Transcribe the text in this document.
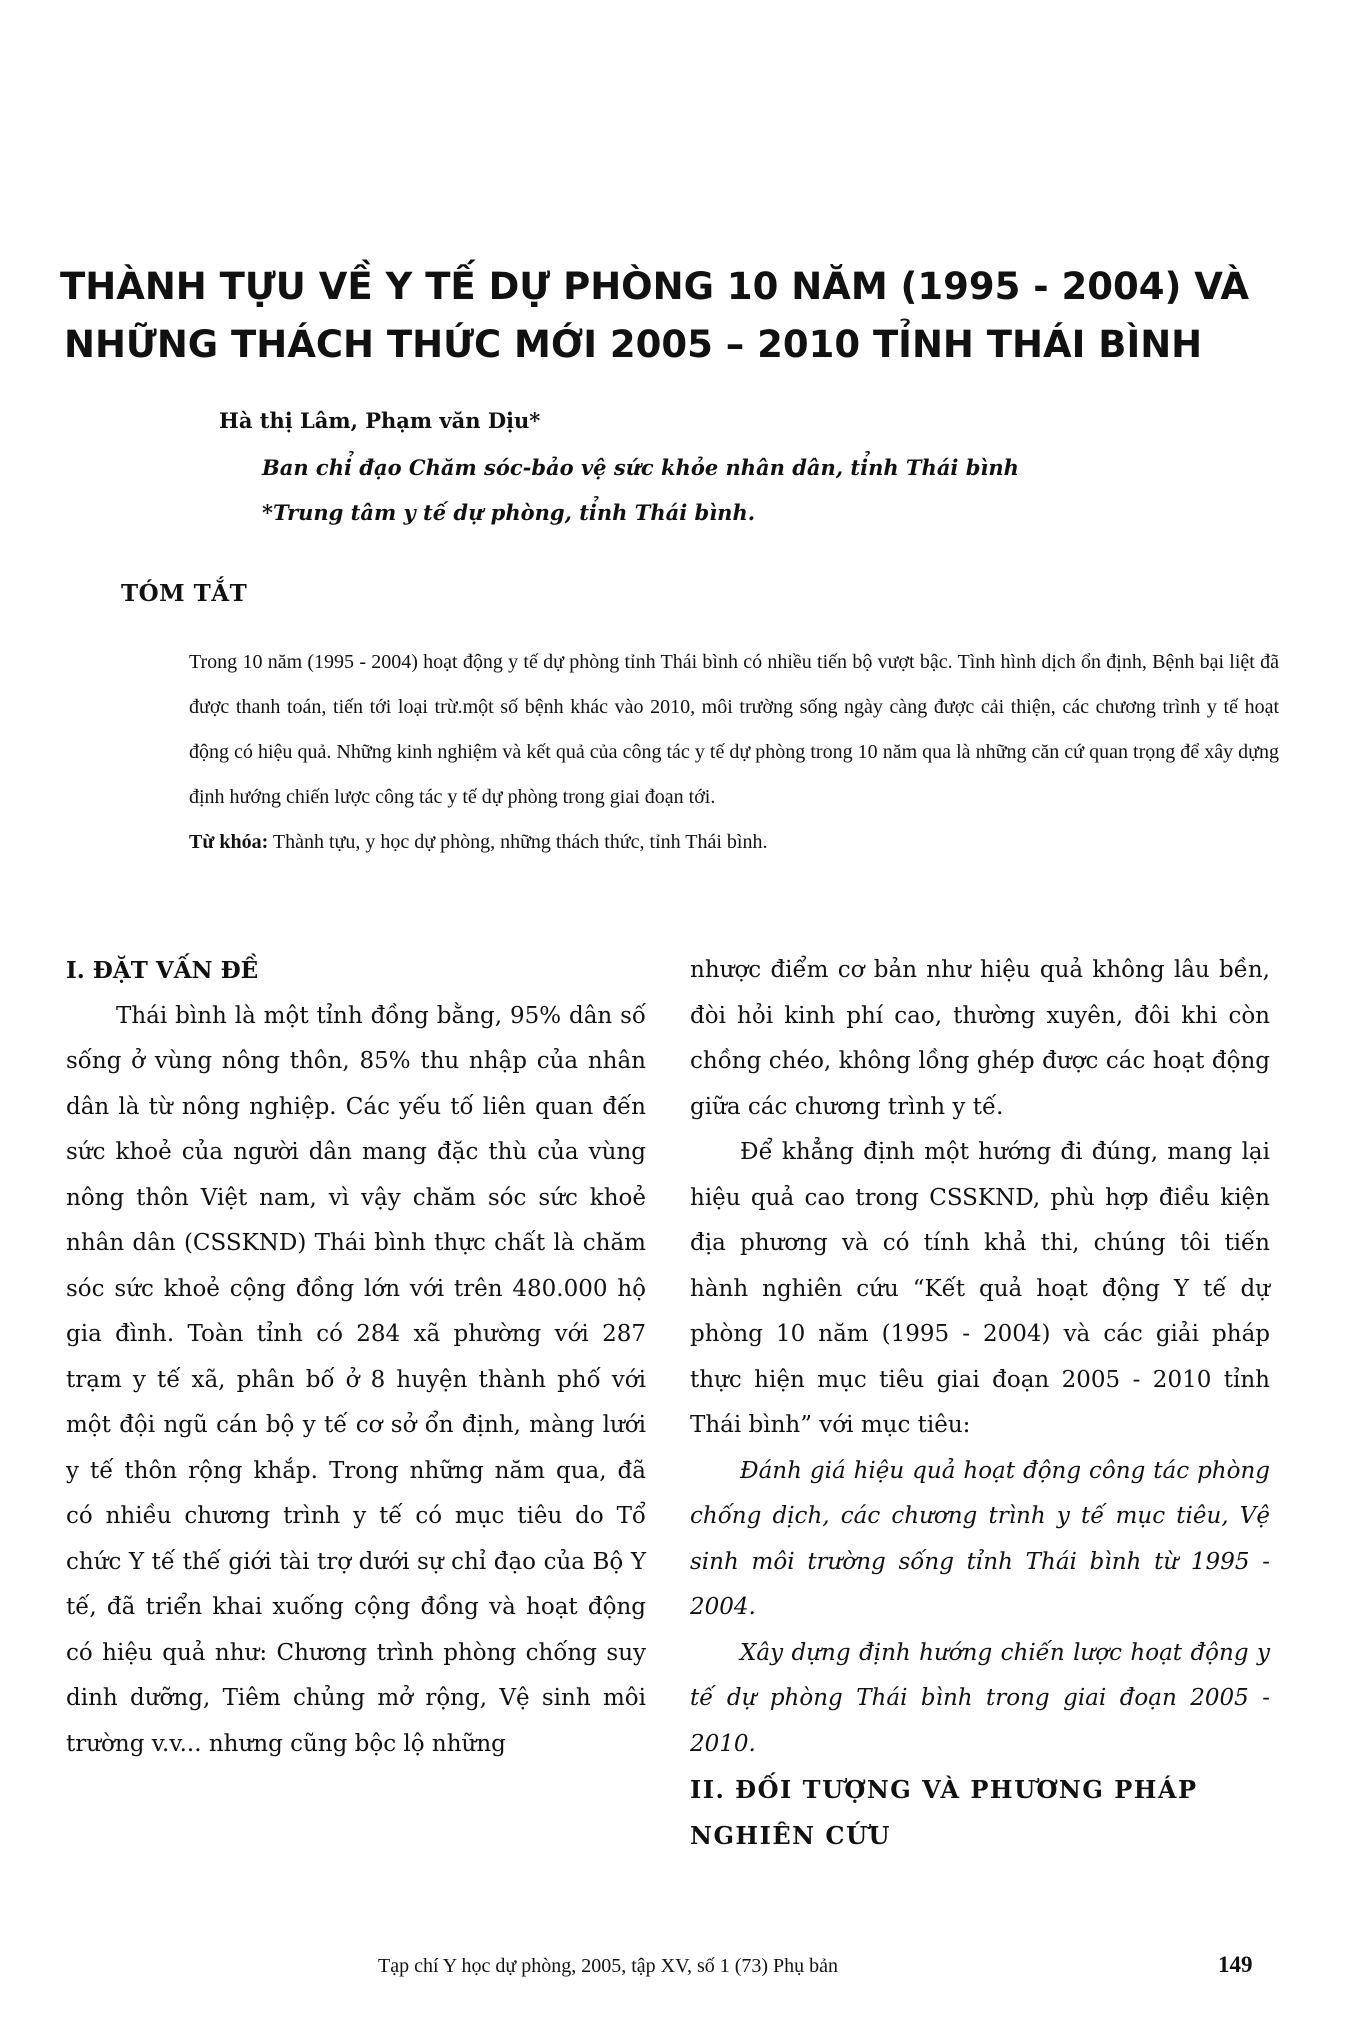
THÀNH TỰU VỀ Y TẾ DỰ PHÒNG 10 NĂM (1995 - 2004) VÀ
NHỮNG THÁCH THỨC MỚI 2005 – 2010 TỈNH THÁI BÌNH
Hà thị Lâm, Phạm văn Dịu*
Ban chỉ đạo Chăm sóc-bảo vệ sức khỏe nhân dân, tỉnh Thái bình
*Trung tâm y tế dự phòng, tỉnh Thái bình.
TÓM TẮT

Trong 10 năm (1995 - 2004) hoạt động y tế dự phòng tỉnh Thái bình có nhiều tiến bộ vượt bậc. Tình hình dịch ổn định, Bệnh bại liệt đã được thanh toán, tiến tới loại trừ.một số bệnh khác vào 2010, môi trường sống ngày càng được cải thiện, các chương trình y tế hoạt động có hiệu quả. Những kinh nghiệm và kết quả của công tác y tế dự phòng trong 10 năm qua là những căn cứ quan trọng để xây dựng định hướng chiến lược công tác y tế dự phòng trong giai đoạn tới.

Từ khóa: Thành tựu, y học dự phòng, những thách thức, tỉnh Thái bình.

I. ĐẶT VẤN ĐỀ

Thái bình là một tỉnh đồng bằng, 95% dân số sống ở vùng nông thôn, 85% thu nhập của nhân dân là từ nông nghiệp. Các yếu tố liên quan đến sức khoẻ của người dân mang đặc thù của vùng nông thôn Việt nam, vì vậy chăm sóc sức khoẻ nhân dân (CSSKND) Thái bình thực chất là chăm sóc sức khoẻ cộng đồng lớn với trên 480.000 hộ gia đình. Toàn tỉnh có 284 xã phường với 287 trạm y tế xã, phân bố ở 8 huyện thành phố với một đội ngũ cán bộ y tế cơ sở ổn định, màng lưới y tế thôn rộng khắp. Trong những năm qua, đã có nhiều chương trình y tế có mục tiêu do Tổ chức Y tế thế giới tài trợ dưới sự chỉ đạo của Bộ Y tế, đã triển khai xuống cộng đồng và hoạt động có hiệu quả như: Chương trình phòng chống suy dinh dưỡng, Tiêm chủng mở rộng, Vệ sinh môi trường v.v... nhưng cũng bộc lộ những

nhược điểm cơ bản như hiệu quả không lâu bền, đòi hỏi kinh phí cao, thường xuyên, đôi khi còn chồng chéo, không lồng ghép được các hoạt động giữa các chương trình y tế.

Để khẳng định một hướng đi đúng, mang lại hiệu quả cao trong CSSKND, phù hợp điều kiện địa phương và có tính khả thi, chúng tôi tiến hành nghiên cứu “Kết quả hoạt động Y tế dự phòng 10 năm (1995 - 2004) và các giải pháp thực hiện mục tiêu giai đoạn 2005 - 2010 tỉnh Thái bình” với mục tiêu:

Đánh giá hiệu quả hoạt động công tác phòng chống dịch, các chương trình y tế mục tiêu, Vệ sinh môi trường sống tỉnh Thái bình từ 1995 - 2004.

Xây dựng định hướng chiến lược hoạt động y tế dự phòng Thái bình trong giai đoạn 2005 - 2010.

II. ĐỐI TƯỢNG VÀ PHƯƠNG PHÁP NGHIÊN CỨU

Tạp chí Y học dự phòng, 2005, tập XV, số 1 (73) Phụ bản	149
